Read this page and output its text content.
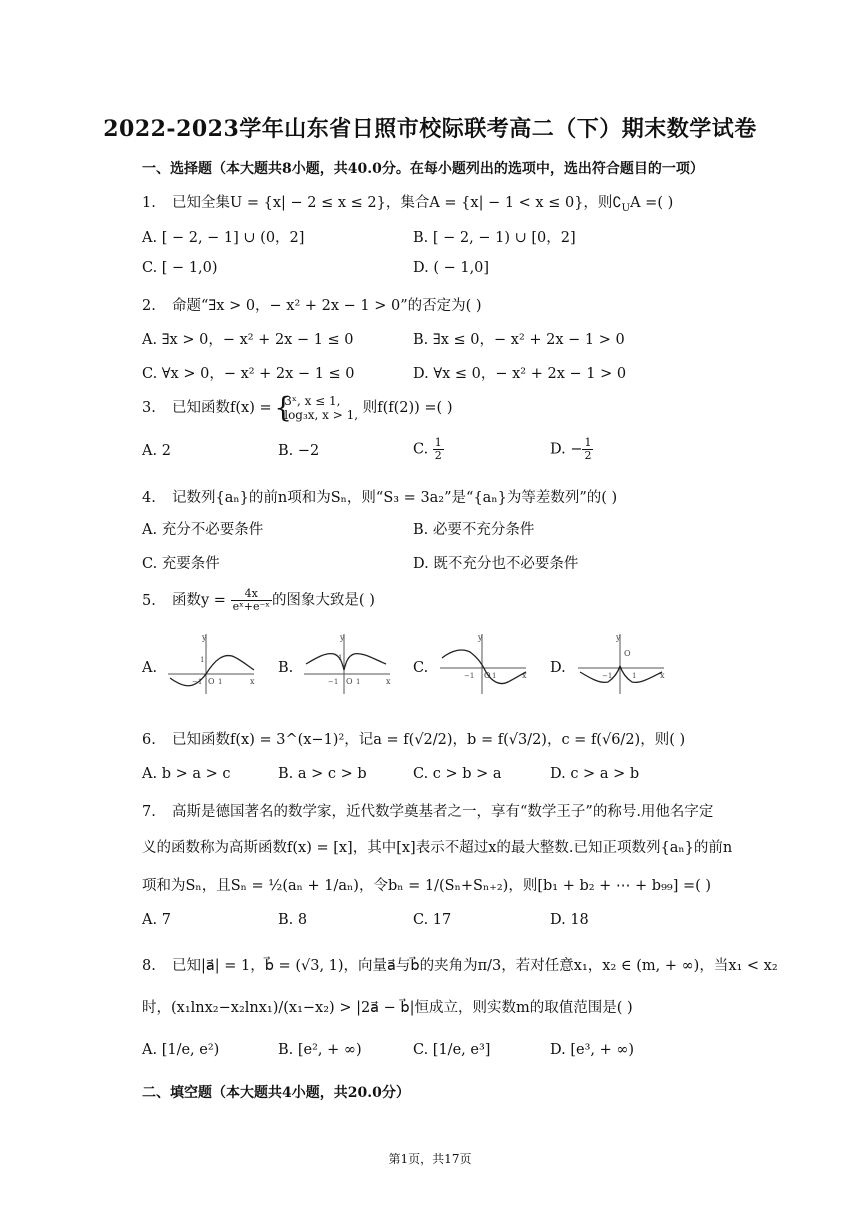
2022-2023学年山东省日照市校际联考高二（下）期末数学试卷
一、选择题（本大题共8小题，共40.0分。在每小题列出的选项中，选出符合题目的一项）
1. 已知全集U = {x| − 2 ≤ x ≤ 2}，集合A = {x| − 1 < x ≤ 0}，则$∁_UA$ =( )
A. [ − 2, − 1] ∪ (0，2]	B. [ − 2, − 1) ∪ [0，2]
C. [ − 1,0)	D. ( − 1,0]
2. 命题“∃x > 0，− x² + 2x − 1 > 0”的否定为( )
A. ∃x > 0，− x² + 2x − 1 ≤ 0	B. ∃x ≤ 0，− x² + 2x − 1 > 0
C. ∀x > 0，− x² + 2x − 1 ≤ 0	D. ∀x ≤ 0，− x² + 2x − 1 > 0
3. 已知函数f(x) = { 3ˣ, x ≤ 1,
log₃x, x > 1, 则f(f(2)) =( )
A. 2	B. −2	C. $\frac{1}{2}$	D. − $\frac{1}{2}$
4. 记数列{aₙ}的前n项和为Sₙ，则“S₃ = 3a₂”是“{aₙ}为等差数列”的( )
A. 充分不必要条件	B. 必要不充分条件
C. 充要条件	D. 既不充分也不必要条件
5. 函数$y = \frac{4x}{\text{eˣ+e⁻ˣ}}$ 的图象大致是( )
A.	B.	C.	D.
y
x
O
−1 1
1
y
x
O
−1	1
1
y
x
O
−1	1
y
x
O
−1	1
6. 已知函数f(x) = 3^(x−1)²，记a = f(√2/2)，b = f(√3/2)，c = f(√6/2)，则( )
A. b > a > c	B. a > c > b	C. c > b > a	D. c > a > b
7. 高斯是德国著名的数学家，近代数学奠基者之一，享有“数学王子”的称号.用他名字定
义的函数称为高斯函数f(x) = [x]，其中[x]表示不超过x的最大整数.已知正项数列{aₙ}的前n
项和为Sₙ，且Sₙ = ½(aₙ + 1/aₙ)，令bₙ = 1/(Sₙ+Sₙ₊₂)，则[b₁ + b₂ + ⋯ + b₉₉] =( )
A. 7	B. 8	C. 17	D. 18
8. 已知|a⃗| = 1，b⃗ = (√3, 1)，向量a⃗与b⃗的夹角为π/3，若对任意x₁，x₂ ∈ (m, + ∞)，当x₁ < x₂
时，(x₁lnx₂−x₂lnx₁)/(x₁−x₂) > |2a⃗ − b⃗|恒成立，则实数m的取值范围是( )
A. [1/e, e²)	B. [e², + ∞)	C. [1/e, e³]	D. [e³, + ∞)
二、填空题（本大题共4小题，共20.0分）
第1页，共17页
